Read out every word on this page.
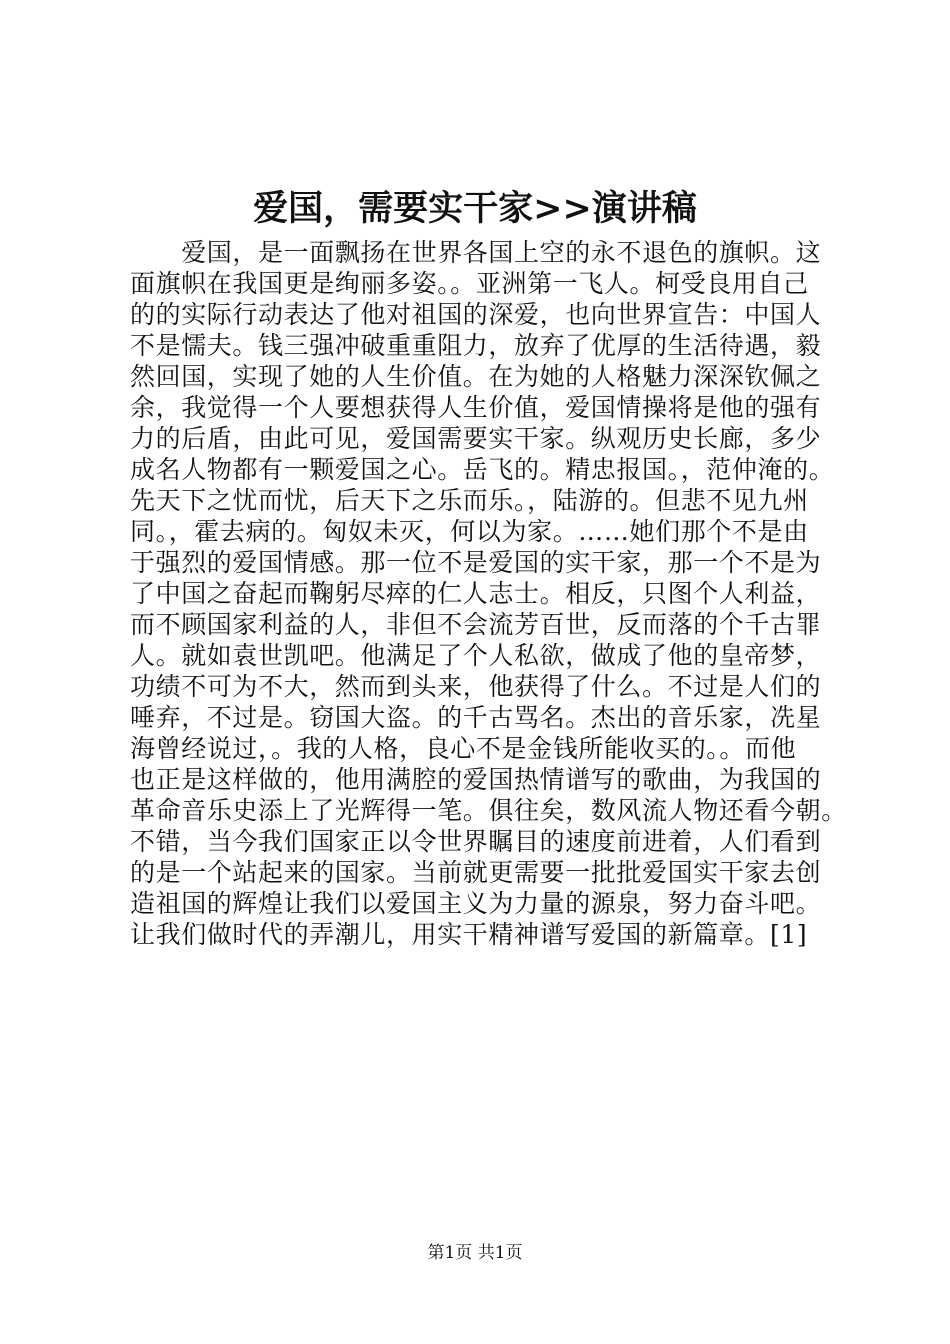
爱国，需要实干家>>演讲稿
　　爱国，是一面飘扬在世界各国上空的永不退色的旗帜。这
面旗帜在我国更是绚丽多姿。。亚洲第一飞人。柯受良用自己
的的实际行动表达了他对祖国的深爱，也向世界宣告：中国人
不是懦夫。钱三强冲破重重阻力，放弃了优厚的生活待遇，毅
然回国，实现了她的人生价值。在为她的人格魅力深深钦佩之
余，我觉得一个人要想获得人生价值，爱国情操将是他的强有
力的后盾，由此可见，爱国需要实干家。纵观历史长廊，多少
成名人物都有一颗爱国之心。岳飞的。精忠报国。，范仲淹的。
先天下之忧而忧，后天下之乐而乐。，陆游的。但悲不见九州
同。，霍去病的。匈奴未灭，何以为家。……她们那个不是由
于强烈的爱国情感。那一位不是爱国的实干家，那一个不是为
了中国之奋起而鞠躬尽瘁的仁人志士。相反，只图个人利益，
而不顾国家利益的人，非但不会流芳百世，反而落的个千古罪
人。就如袁世凯吧。他满足了个人私欲，做成了他的皇帝梦，
功绩不可为不大，然而到头来，他获得了什么。不过是人们的
唾弃，不过是。窃国大盗。的千古骂名。杰出的音乐家，冼星
海曾经说过，。我的人格，良心不是金钱所能收买的。。而他
也正是这样做的，他用满腔的爱国热情谱写的歌曲，为我国的
革命音乐史添上了光辉得一笔。俱往矣，数风流人物还看今朝。
不错，当今我们国家正以令世界瞩目的速度前进着，人们看到
的是一个站起来的国家。当前就更需要一批批爱国实干家去创
造祖国的辉煌让我们以爱国主义为力量的源泉，努力奋斗吧。
让我们做时代的弄潮儿，用实干精神谱写爱国的新篇章。[1]
第1页 共1页
